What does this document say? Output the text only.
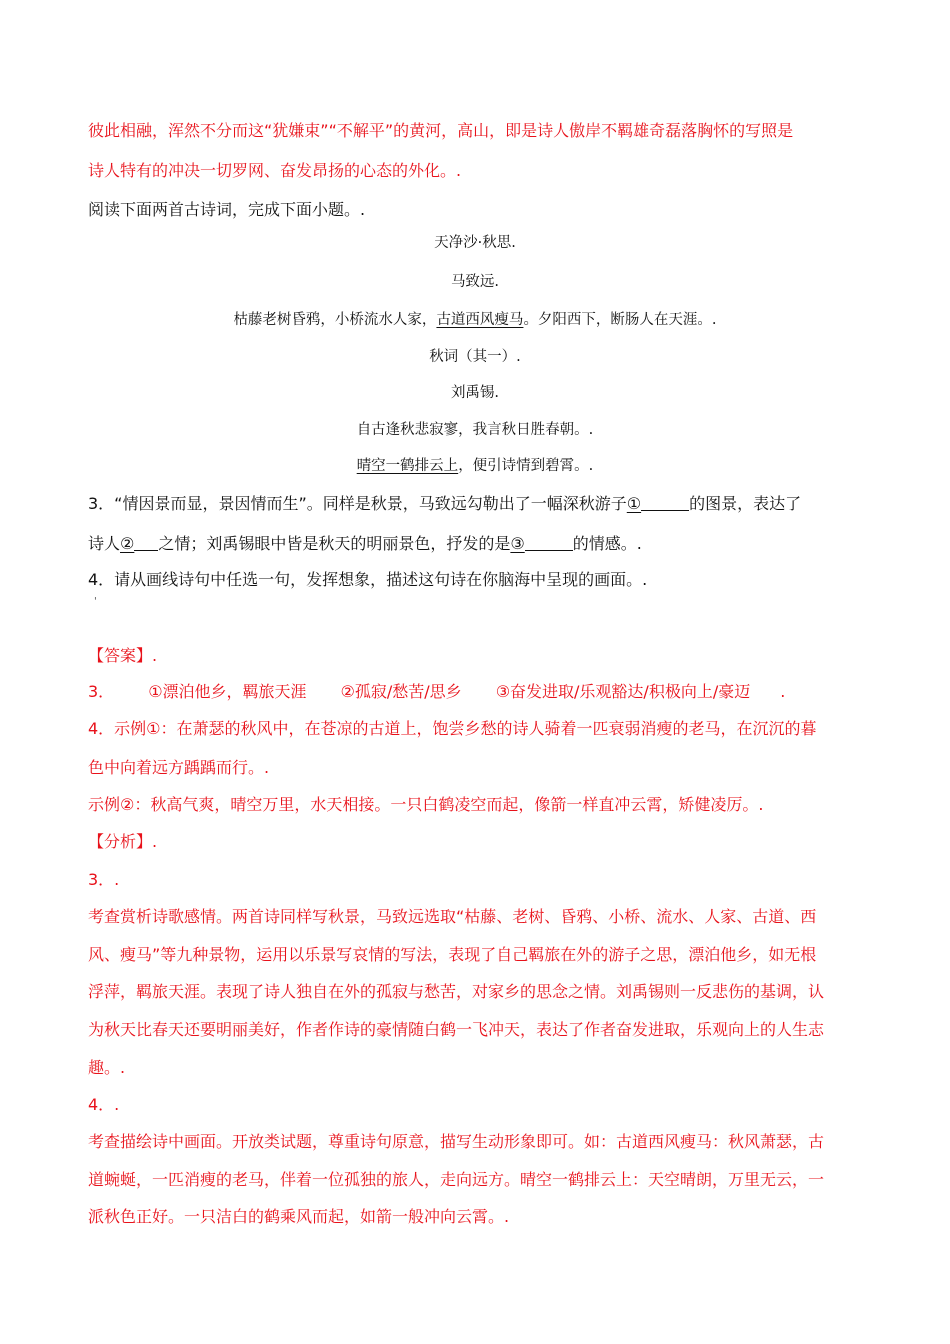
彼此相融，浑然不分而这“犹嫌束”“不解平”的黄河，高山，即是诗人傲岸不羁雄奇磊落胸怀的写照是
诗人特有的冲决一切罗网、奋发昂扬的心态的外化。.
阅读下面两首古诗词，完成下面小题。.
天净沙·秋思.
马致远.
枯藤老树昏鸦，小桥流水人家，古道西风瘦马。夕阳西下，断肠人在天涯。.
秋词（其一）.
刘禹锡.
自古逢秋悲寂寥，我言秋日胜春朝。.
晴空一鹤排云上，便引诗情到碧霄。.
3．“情因景而显，景因情而生”。同样是秋景，马致远勾勒出了一幅深秋游子①	的图景，表达了
诗人② 之情；刘禹锡眼中皆是秋天的明丽景色，抒发的是③	的情感。.
4．请从画线诗句中任选一句，发挥想象，描述这句诗在你脑海中呈现的画面。.
'
【答案】.
3． ①漂泊他乡，羁旅天涯 ②孤寂/愁苦/思乡 ③奋发进取/乐观豁达/积极向上/豪迈 .
4．示例①：在萧瑟的秋风中，在苍凉的古道上，饱尝乡愁的诗人骑着一匹衰弱消瘦的老马，在沉沉的暮
色中向着远方踽踽而行。.
示例②：秋高气爽，晴空万里，水天相接。一只白鹤凌空而起，像箭一样直冲云霄，矫健凌厉。.
【分析】.
3．.
考查赏析诗歌感情。两首诗同样写秋景，马致远选取“枯藤、老树、昏鸦、小桥、流水、人家、古道、西
风、瘦马”等九种景物，运用以乐景写哀情的写法，表现了自己羁旅在外的游子之思，漂泊他乡，如无根
浮萍，羁旅天涯。表现了诗人独自在外的孤寂与愁苦，对家乡的思念之情。刘禹锡则一反悲伤的基调，认
为秋天比春天还要明丽美好，作者作诗的豪情随白鹤一飞冲天，表达了作者奋发进取，乐观向上的人生志
趣。.
4．.
考查描绘诗中画面。开放类试题，尊重诗句原意，描写生动形象即可。如：古道西风瘦马：秋风萧瑟，古
道蜿蜒，一匹消瘦的老马，伴着一位孤独的旅人，走向远方。晴空一鹤排云上：天空晴朗，万里无云，一
派秋色正好。一只洁白的鹤乘风而起，如箭一般冲向云霄。.
